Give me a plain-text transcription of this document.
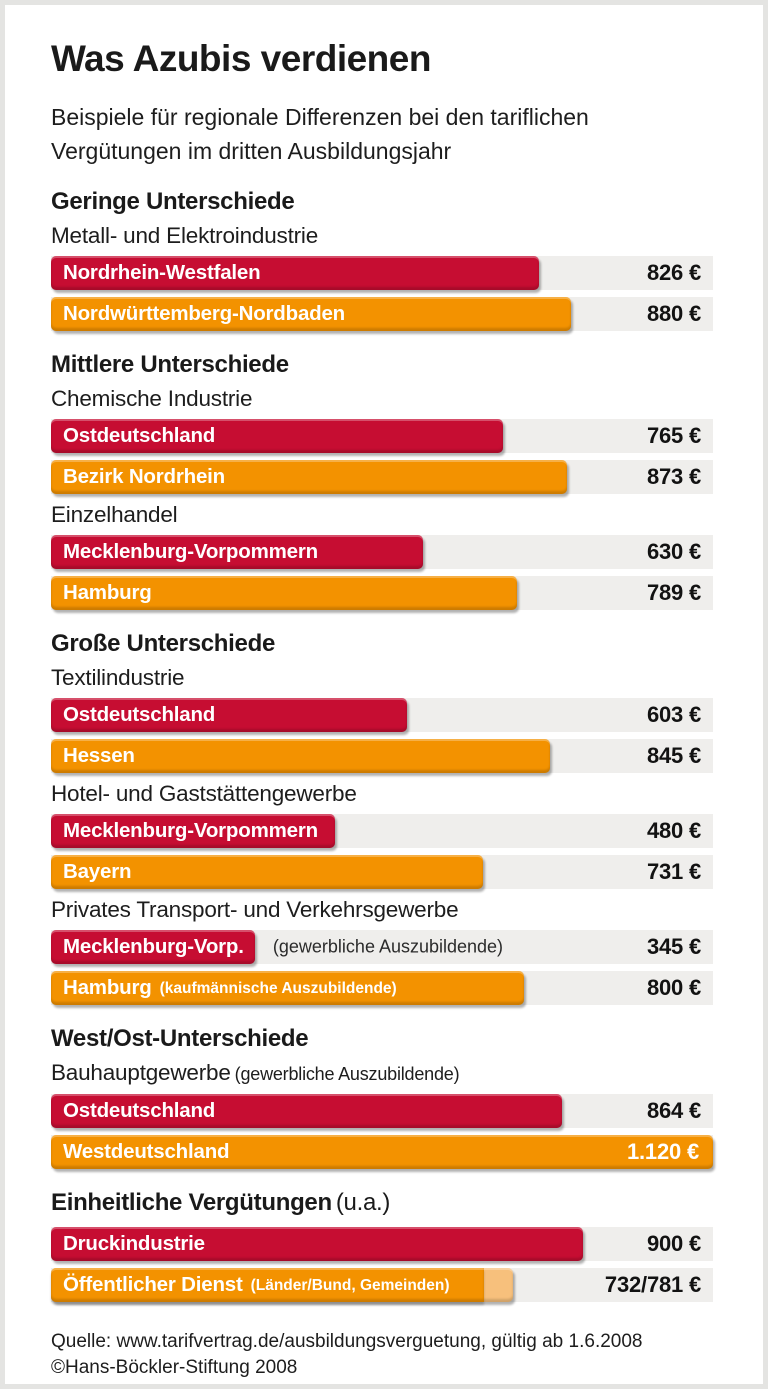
Was Azubis verdienen
Beispiele für regionale Differenzen bei den tariflichen Vergütungen im dritten Ausbildungsjahr
Geringe Unterschiede
Metall- und Elektroindustrie
Nordrhein-Westfalen	826 €
Nordwürttemberg-Nordbaden	880 €
Mittlere Unterschiede
Chemische Industrie
Ostdeutschland	765 €
Bezirk Nordrhein	873 €
Einzelhandel
Mecklenburg-Vorpommern	630 €
Hamburg	789 €
Große Unterschiede
Textilindustrie
Ostdeutschland	603 €
Hessen	845 €
Hotel- und Gaststättengewerbe
Mecklenburg-Vorpommern	480 €
Bayern	731 €
Privates Transport- und Verkehrsgewerbe
Mecklenburg-Vorp. (gewerbliche Auszubildende)	345 €
Hamburg (kaufmännische Auszubildende)	800 €
West/Ost-Unterschiede
Bauhauptgewerbe (gewerbliche Auszubildende)
Ostdeutschland	864 €
Westdeutschland	1.120 €
Einheitliche Vergütungen (u.a.)
Druckindustrie	900 €
Öffentlicher Dienst (Länder/Bund, Gemeinden)	732/781 €
Quelle: www.tarifvertrag.de/ausbildungsverguetung, gültig ab 1.6.2008
©Hans-Böckler-Stiftung 2008
